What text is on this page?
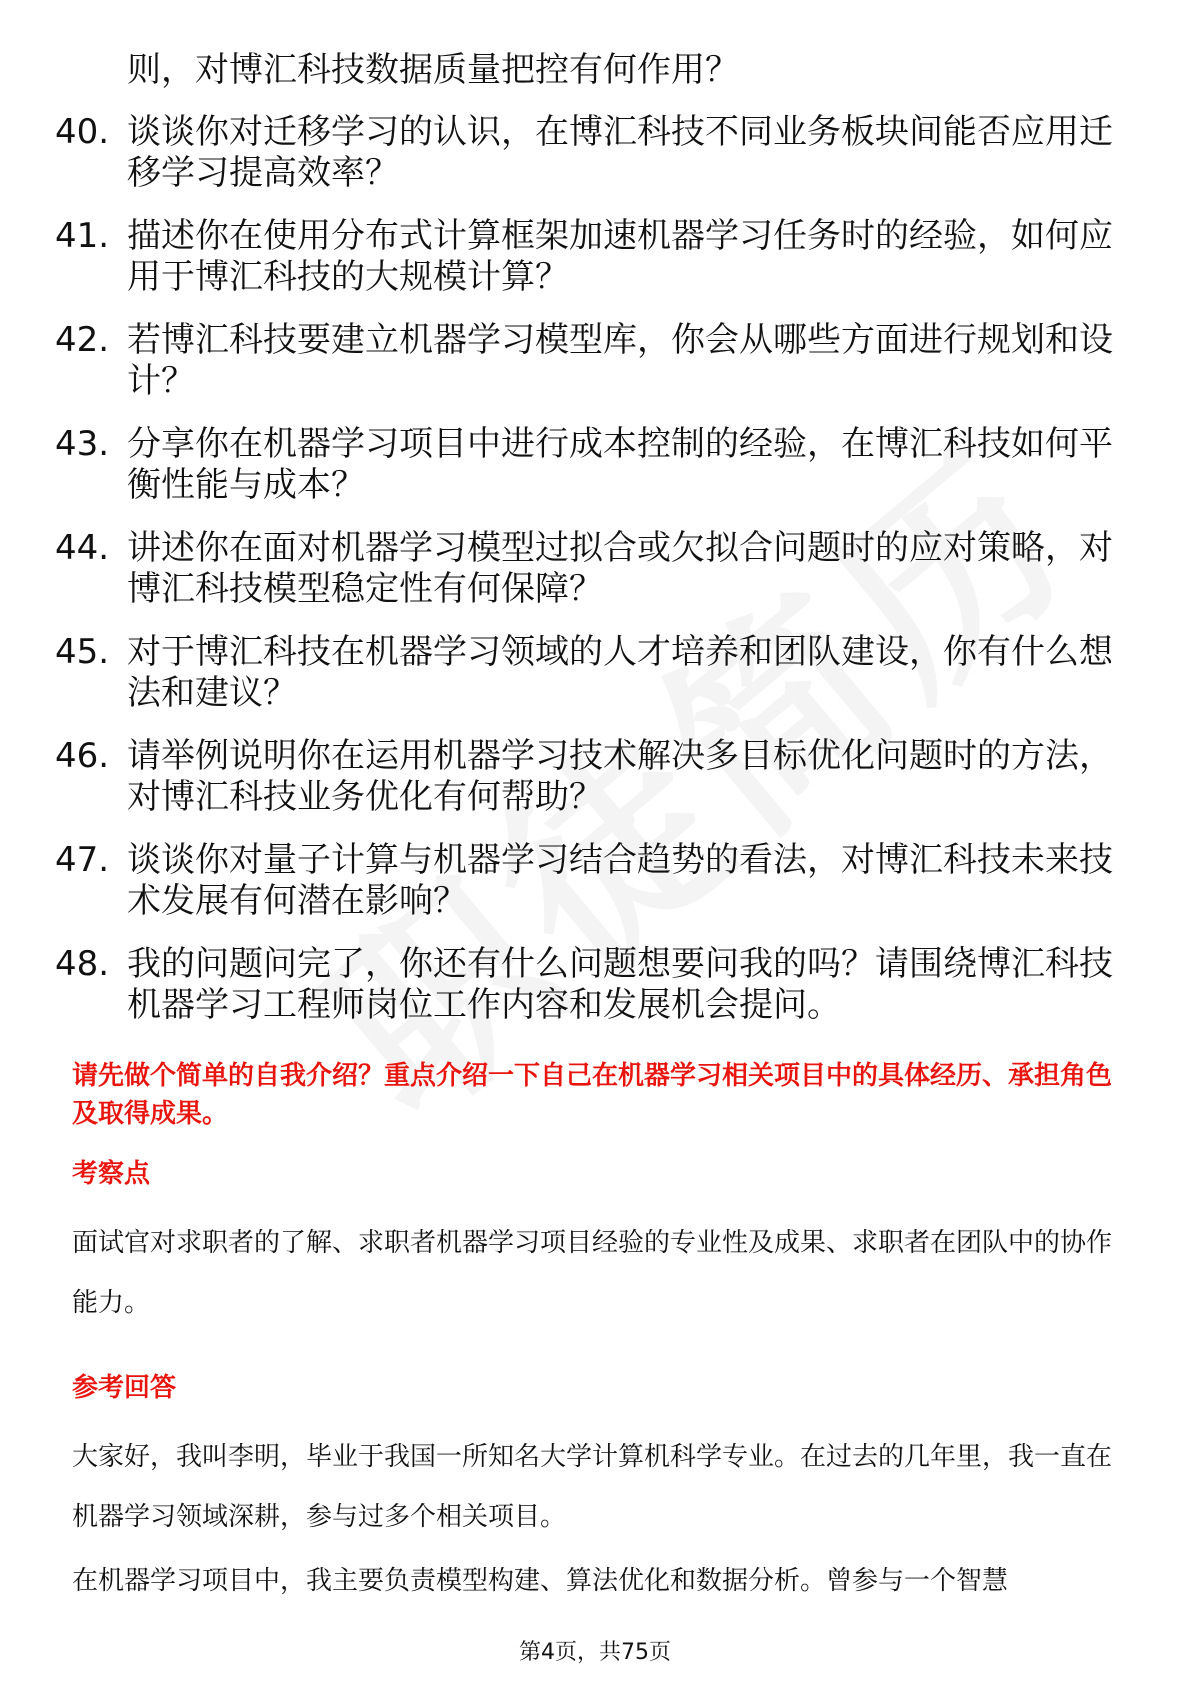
则，对博汇科技数据质量把控有何作用？
40. 谈谈你对迁移学习的认识，在博汇科技不同业务板块间能否应用迁移学习提高效率？
41. 描述你在使用分布式计算框架加速机器学习任务时的经验，如何应用于博汇科技的大规模计算？
42. 若博汇科技要建立机器学习模型库，你会从哪些方面进行规划和设计？
43. 分享你在机器学习项目中进行成本控制的经验，在博汇科技如何平衡性能与成本？
44. 讲述你在面对机器学习模型过拟合或欠拟合问题时的应对策略，对博汇科技模型稳定性有何保障？
45. 对于博汇科技在机器学习领域的人才培养和团队建设，你有什么想法和建议？
46. 请举例说明你在运用机器学习技术解决多目标优化问题时的方法，对博汇科技业务优化有何帮助？
47. 谈谈你对量子计算与机器学习结合趋势的看法，对博汇科技未来技术发展有何潜在影响？
48. 我的问题问完了，你还有什么问题想要问我的吗？请围绕博汇科技机器学习工程师岗位工作内容和发展机会提问。
请先做个简单的自我介绍？重点介绍一下自己在机器学习相关项目中的具体经历、承担角色及取得成果。
考察点
面试官对求职者的了解、求职者机器学习项目经验的专业性及成果、求职者在团队中的协作能力。
参考回答
大家好，我叫李明，毕业于我国一所知名大学计算机科学专业。在过去的几年里，我一直在机器学习领域深耕，参与过多个相关项目。
在机器学习项目中，我主要负责模型构建、算法优化和数据分析。曾参与一个智慧
第4页，共75页
